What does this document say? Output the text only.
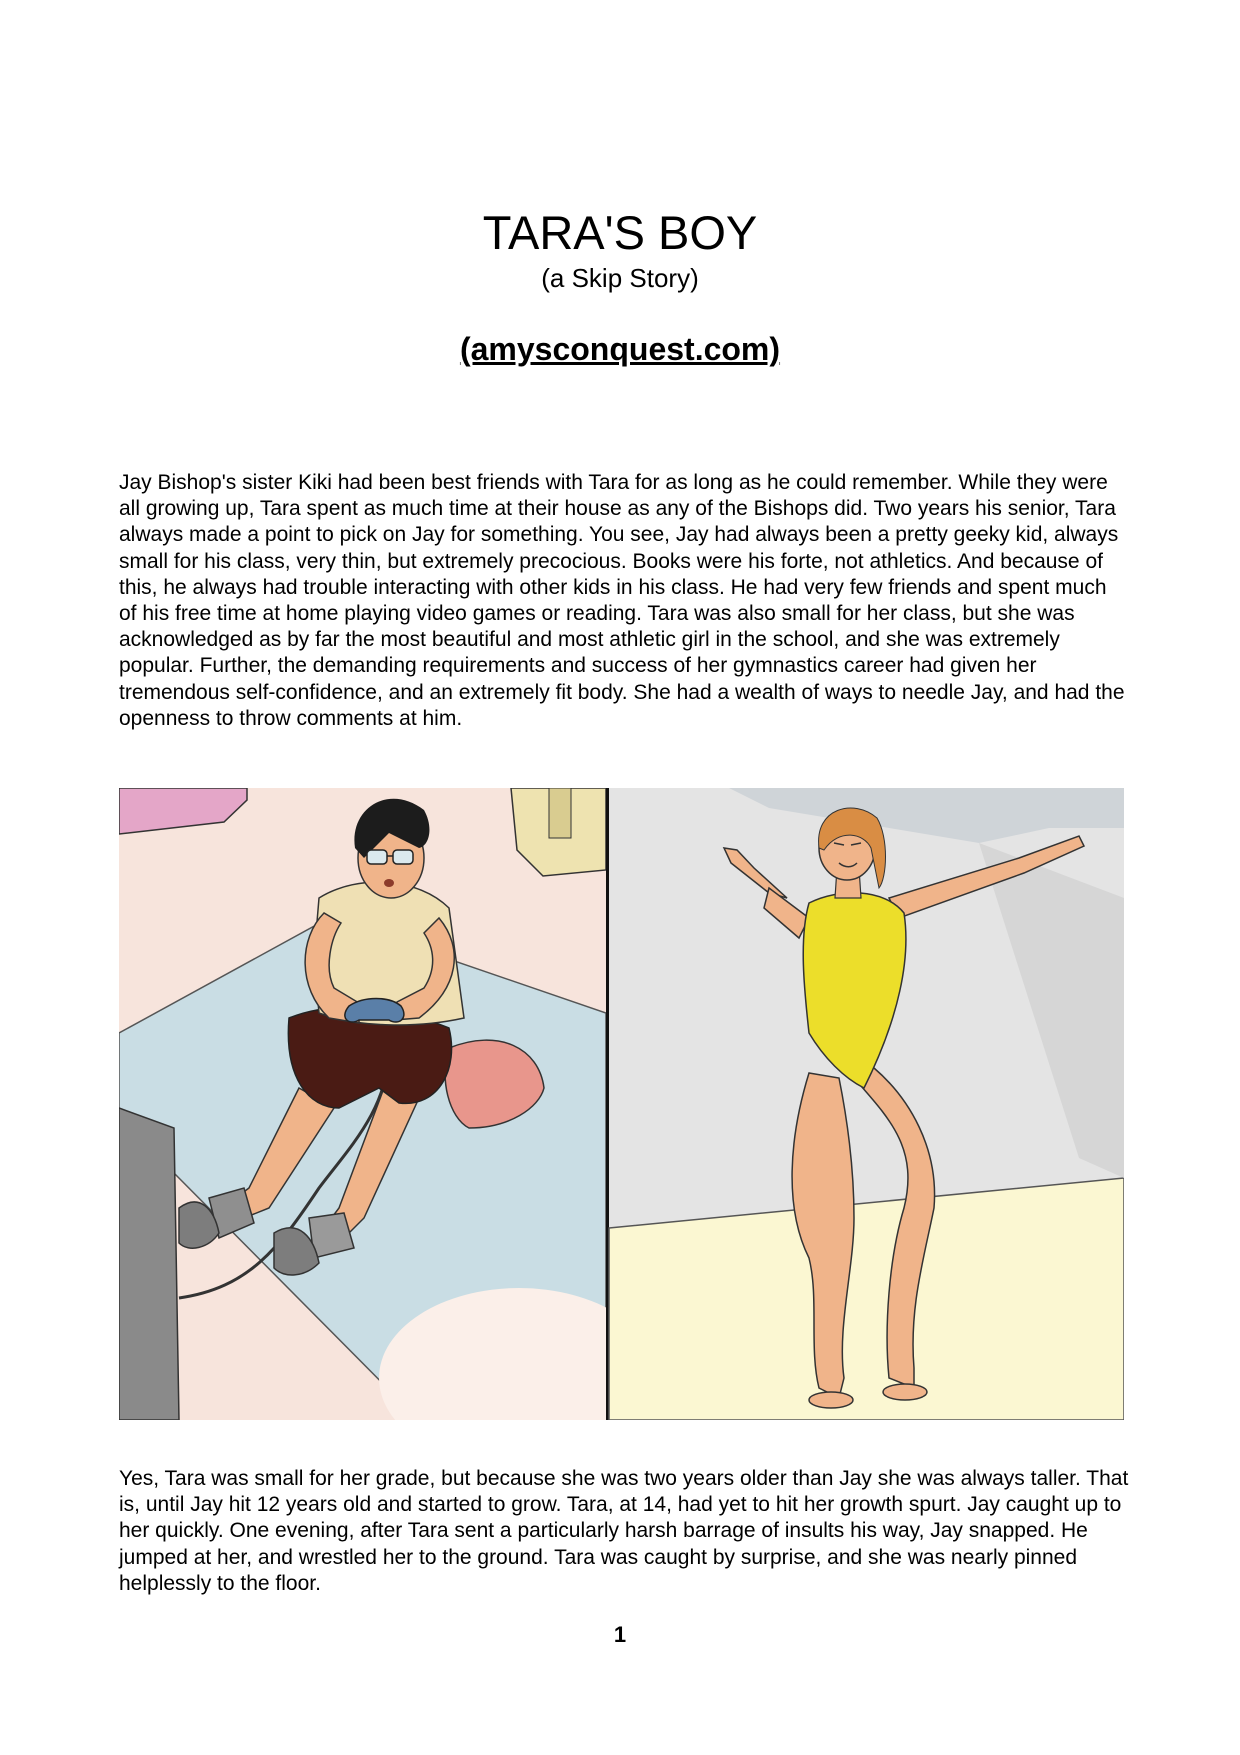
TARA'S BOY
(a Skip Story)
(amysconquest.com)

Jay Bishop's sister Kiki had been best friends with Tara for as long as he could remember. While they were all growing up, Tara spent as much time at their house as any of the Bishops did. Two years his senior, Tara always made a point to pick on Jay for something. You see, Jay had always been a pretty geeky kid, always small for his class, very thin, but extremely precocious. Books were his forte, not athletics. And because of this, he always had trouble interacting with other kids in his class. He had very few friends and spent much of his free time at home playing video games or reading. Tara was also small for her class, but she was acknowledged as by far the most beautiful and most athletic girl in the school, and she was extremely popular. Further, the demanding requirements and success of her gymnastics career had given her tremendous self-confidence, and an extremely fit body. She had a wealth of ways to needle Jay, and had the openness to throw comments at him.

Yes, Tara was small for her grade, but because she was two years older than Jay she was always taller. That is, until Jay hit 12 years old and started to grow. Tara, at 14, had yet to hit her growth spurt. Jay caught up to her quickly. One evening, after Tara sent a particularly harsh barrage of insults his way, Jay snapped. He jumped at her, and wrestled her to the ground. Tara was caught by surprise, and she was nearly pinned helplessly to the floor.

1
